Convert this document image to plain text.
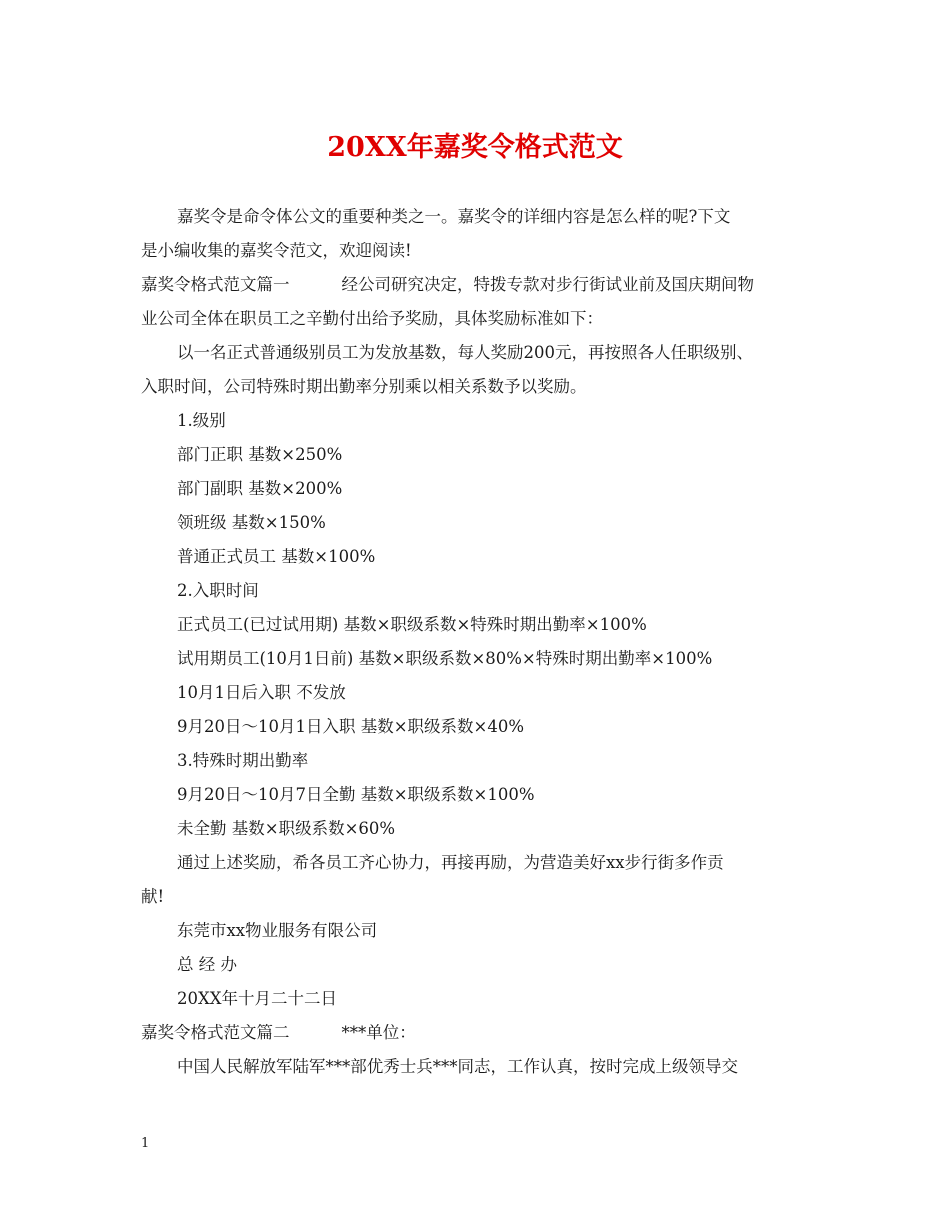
20XX年嘉奖令格式范文
嘉奖令是命令体公文的重要种类之一。嘉奖令的详细内容是怎么样的呢?下文
是小编收集的嘉奖令范文，欢迎阅读!
嘉奖令格式范文篇一	经公司研究决定，特拨专款对步行街试业前及国庆期间物
业公司全体在职员工之辛勤付出给予奖励，具体奖励标准如下：
以一名正式普通级别员工为发放基数，每人奖励200元，再按照各人任职级别、
入职时间，公司特殊时期出勤率分别乘以相关系数予以奖励。
1.级别
部门正职 基数×250%
部门副职 基数×200%
领班级 基数×150%
普通正式员工 基数×100%
2.入职时间
正式员工(已过试用期) 基数×职级系数×特殊时期出勤率×100%
试用期员工(10月1日前) 基数×职级系数×80%×特殊时期出勤率×100%
10月1日后入职 不发放
9月20日～10月1日入职 基数×职级系数×40%
3.特殊时期出勤率
9月20日～10月7日全勤 基数×职级系数×100%
未全勤 基数×职级系数×60%
通过上述奖励，希各员工齐心协力，再接再励，为营造美好xx步行街多作贡
献!
东莞市xx物业服务有限公司
总 经 办
20XX年十月二十二日
嘉奖令格式范文篇二	***单位：
中国人民解放军陆军***部优秀士兵***同志，工作认真，按时完成上级领导交
1
